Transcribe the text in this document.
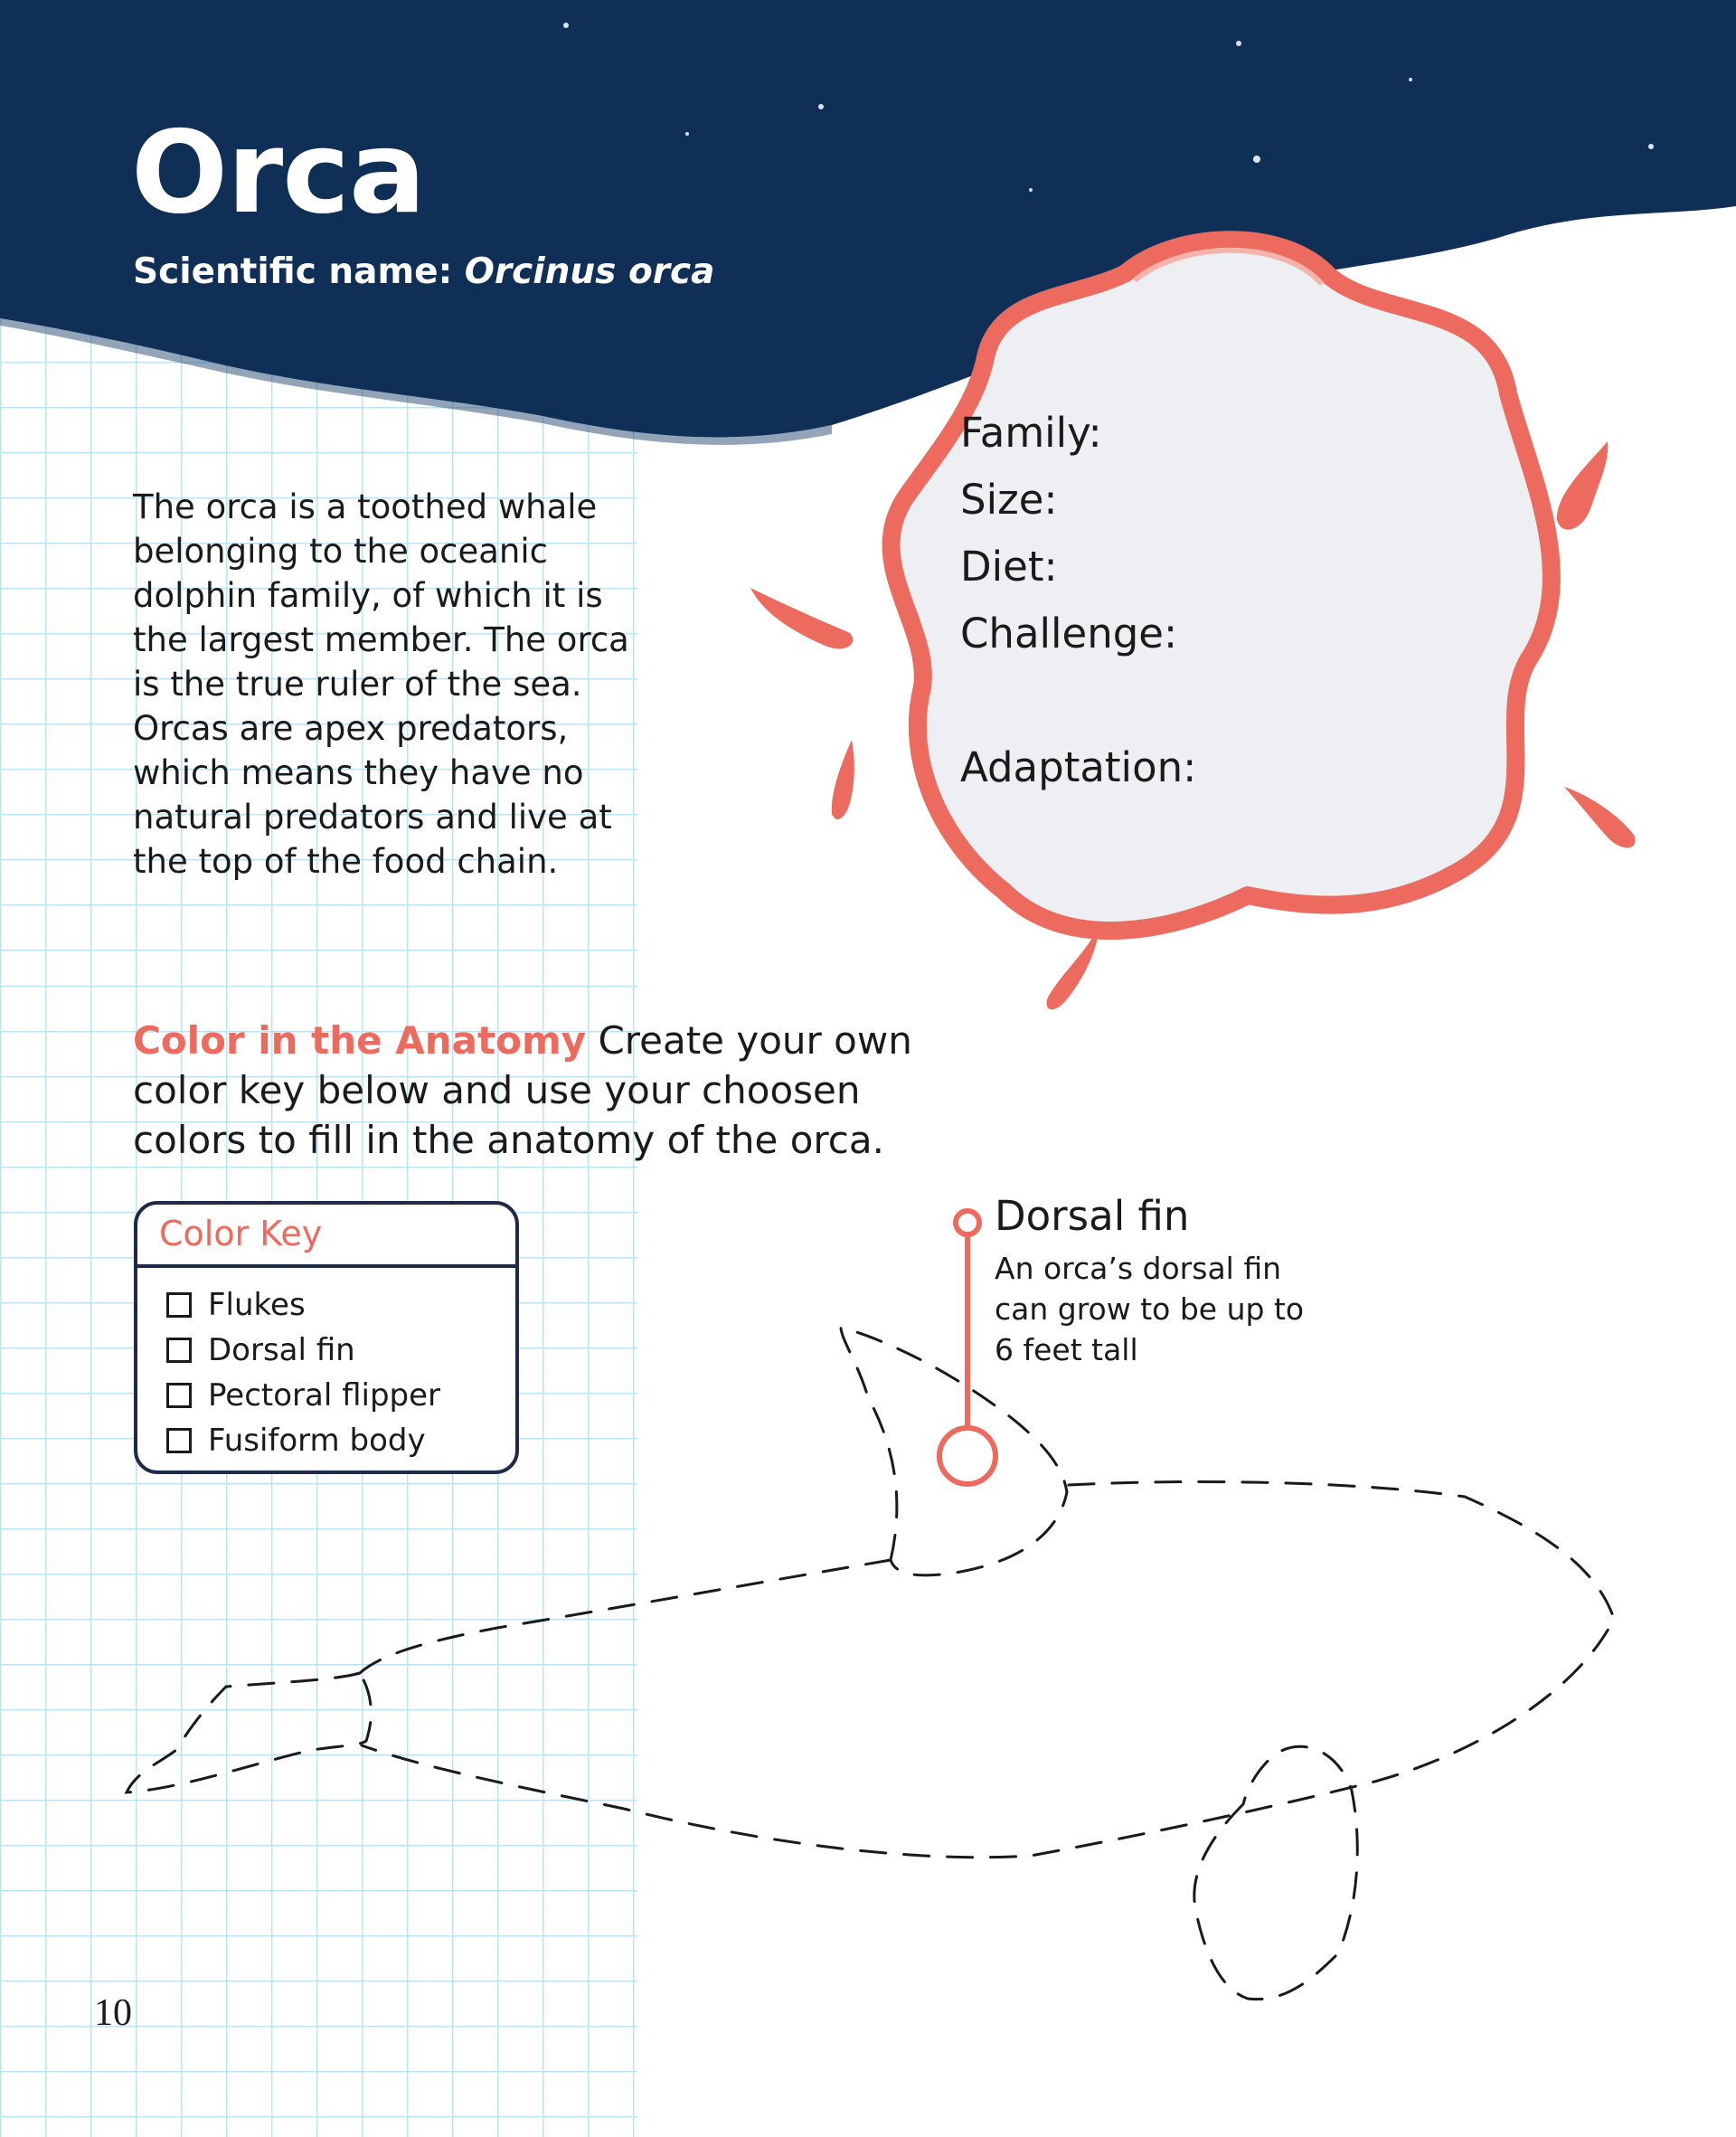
Orca
Scientific name: Orcinus orca

The orca is a toothed whale belonging to the oceanic dolphin family, of which it is the largest member. The orca is the true ruler of the sea. Orcas are apex predators, which means they have no natural predators and live at the top of the food chain.

Family:
Size:
Diet:
Challenge:
Adaptation:

Color in the Anatomy Create your own color key below and use your choosen colors to fill in the anatomy of the orca.

Color Key
Flukes
Dorsal fin
Pectoral flipper
Fusiform body
Dorsal fin

An orca’s dorsal fin can grow to be up to 6 feet tall

10
